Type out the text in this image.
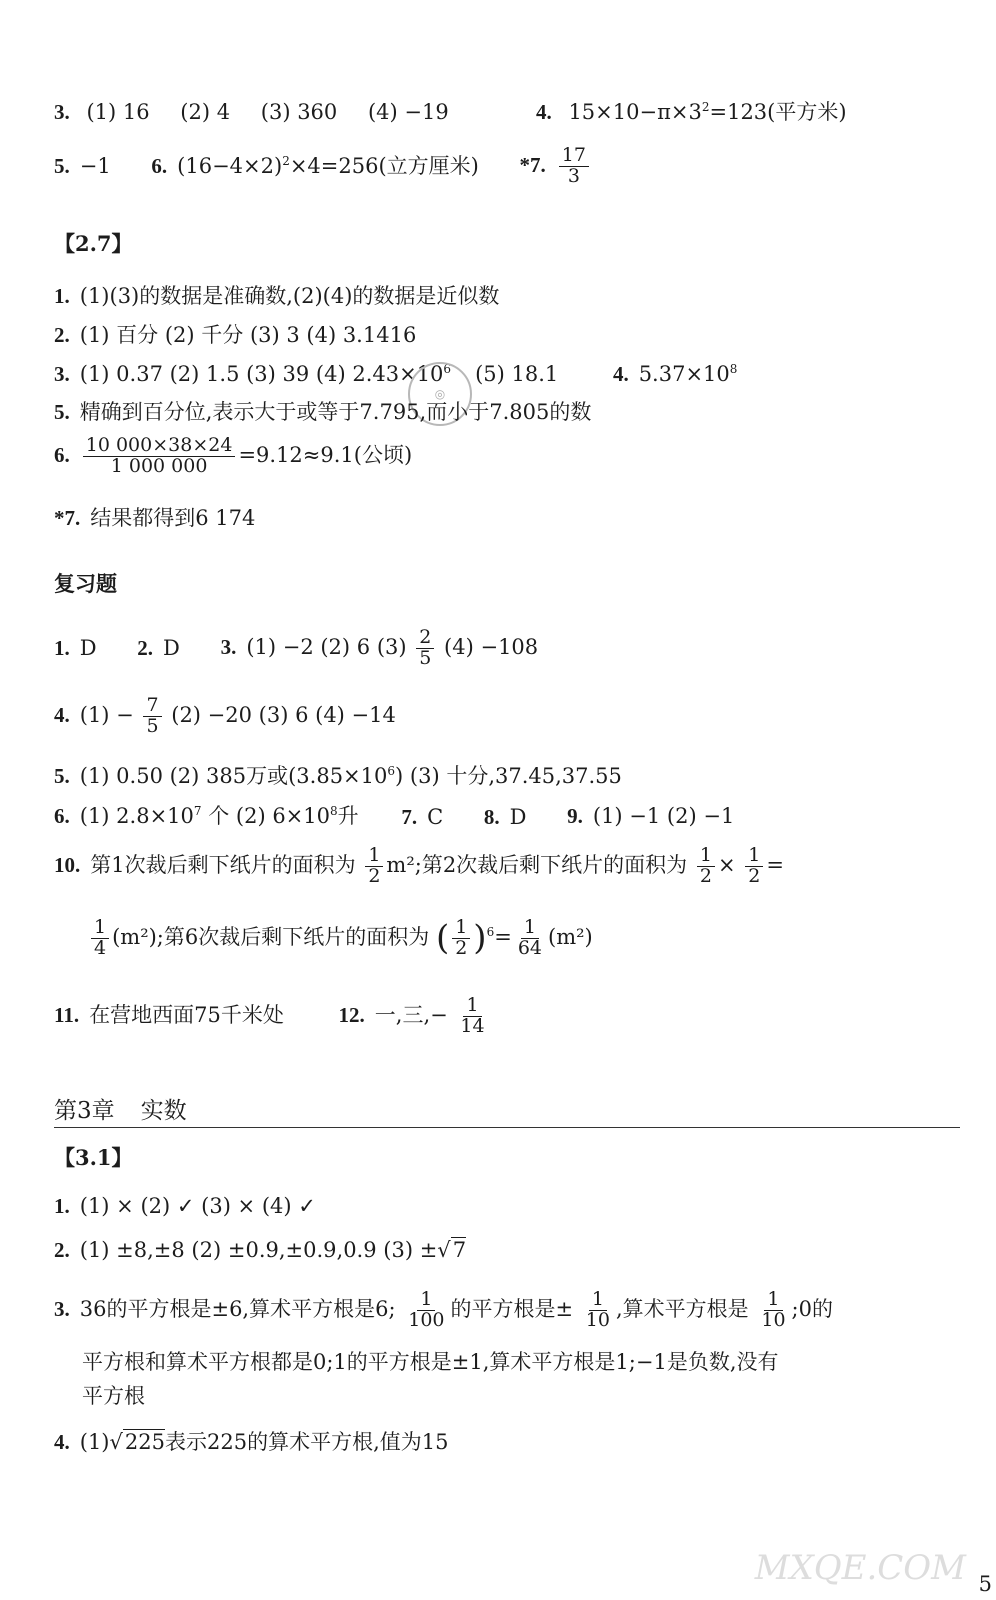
3. (1) 16 (2) 4 (3) 360 (4) −19	4. $15\times 10-\pi\times 3^2=123$(平方米)
5. −1 6. $(16-4\times 2)^2\times 4=256$(立方厘米) *7. $\frac{17}{3}$
【2.7】
1. (1)(3)的数据是准确数,(2)(4)的数据是近似数
2. (1) 百分 (2) 千分 (3) 3 (4) 3.1416
3. (1) 0.37 (2) 1.5 (3) 39 (4) $2.43\times 10^6$ (5) 18.1	4. $5.37\times 10^8$
◎
5. 精确到百分位,表示大于或等于7.795,而小于7.805的数
6. $\frac{10 000\times 38\times 24}{1 000 000} =9.12\approx 9.1$(公顷)
*7. 结果都得到6 174
复习题
1. D 2. D 3. (1) −2 (2) 6 $(3) \frac{2}{5} (4) -108$
4. $(1) - \frac{7}{5} (2) -20$ (3) 6 (4) −14
5. (1) 0.50 (2) 385万或$(3.85\times 10^6)$ (3) 十分,37.45,37.55
6. (1) $2.8\times 10^7$ 个 (2) $6\times 10^8$升 7. C 8. D 9. (1) −1 (2) −1
10. 第1次裁后剩下纸片的面积为 $\frac{1}{2} m^2$;第2次裁后剩下纸片的面积为 $\frac{1}{2} \times \frac{1}{2}$ =
$\frac{1}{4} (m^2)$;第6次裁后剩下纸片的面积为 ( $\frac{1}{2} )^6= \frac{1}{64} (m^2)$
11. 在营地西面75千米处	12. 一,三,− $\frac{1}{14}$
第3章 实数
【3.1】
1. (1) × (2) ✓ (3) × (4) ✓
2. (1) ±8,±8 (2) ±0.9,±0.9,0.9 (3) ±√7
3. 36的平方根是±6,算术平方根是6; $\frac{1}{100}$ 的平方根是± $\frac{1}{10}$ ,算术平方根是 $\frac{1}{10}$ ;0的
平方根和算术平方根都是0;1的平方根是±1,算术平方根是1;−1是负数,没有
平方根
4. (1)√225表示225的算术平方根,值为15
MXQE.COM 5
